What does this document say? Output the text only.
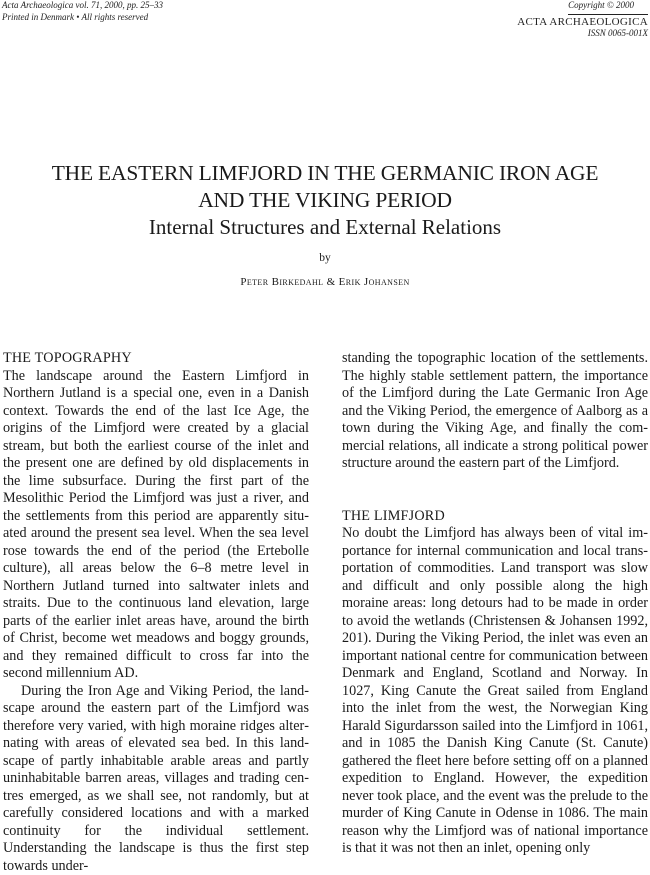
Acta Archaeologica vol. 71, 2000, pp. 25–33
Printed in Denmark • All rights reserved
Copyright © 2000
ACTA ARCHAEOLOGICA
ISSN 0065-001X
THE EASTERN LIMFJORD IN THE GERMANIC IRON AGE
AND THE VIKING PERIOD
Internal Structures and External Relations
by
Peter Birkedahl & Erik Johansen
THE TOPOGRAPHY

The landscape around the Eastern Limfjord in Northern Jutland is a special one, even in a Danish context. Towards the end of the last Ice Age, the origins of the Limfjord were created by a glacial stream, but both the earliest course of the inlet and the present one are defined by old displacements in the lime subsurface. During the first part of the Mesolithic Period the Limfjord was just a river, and the settlements from this period are apparently situated around the present sea level. When the sea level rose towards the end of the period (the Ertebolle culture), all areas below the 6–8 metre level in Northern Jutland turned into saltwater inlets and straits. Due to the continuous land elevation, large parts of the earlier inlet areas have, around the birth of Christ, become wet meadows and boggy grounds, and they remained difficult to cross far into the second millennium AD.

During the Iron Age and Viking Period, the landscape around the eastern part of the Limfjord was therefore very varied, with high moraine ridges alternating with areas of elevated sea bed. In this landscape of partly inhabitable arable areas and partly uninhabitable barren areas, villages and trading centres emerged, as we shall see, not randomly, but at carefully considered locations and with a marked continuity for the individual settlement. Understanding the landscape is thus the first step towards under-

standing the topographic location of the settlements. The highly stable settlement pattern, the importance of the Limfjord during the Late Germanic Iron Age and the Viking Period, the emergence of Aalborg as a town during the Viking Age, and finally the commercial relations, all indicate a strong political power structure around the eastern part of the Limfjord.

THE LIMFJORD

No doubt the Limfjord has always been of vital importance for internal communication and local transportation of commodities. Land transport was slow and difficult and only possible along the high moraine areas: long detours had to be made in order to avoid the wetlands (Christensen & Johansen 1992, 201). During the Viking Period, the inlet was even an important national centre for communication between Denmark and England, Scotland and Norway. In 1027, King Canute the Great sailed from England into the inlet from the west, the Norwegian King Harald Sigurdarsson sailed into the Limfjord in 1061, and in 1085 the Danish King Canute (St. Canute) gathered the fleet here before setting off on a planned expedition to England. However, the expedition never took place, and the event was the prelude to the murder of King Canute in Odense in 1086. The main reason why the Limfjord was of national importance is that it was not then an inlet, opening only
